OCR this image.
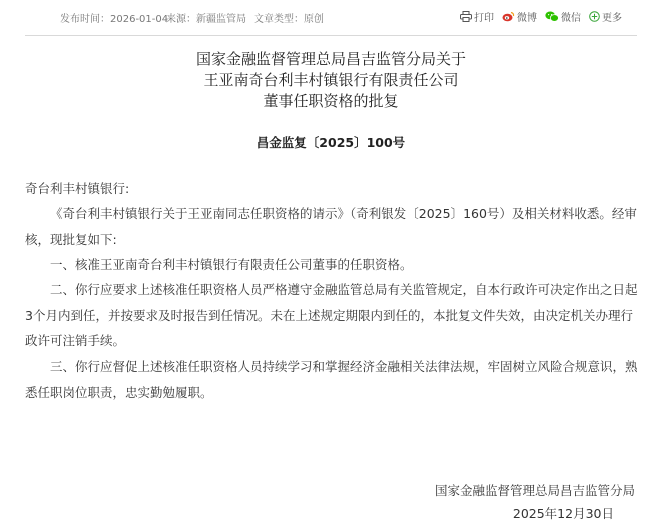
发布时间：2026-01-04
来源：新疆监管局 文章类型：原创	打印 微博 微信 更多
国家金融监督管理总局昌吉监管分局关于
王亚南奇台利丰村镇银行有限责任公司
董事任职资格的批复
昌金监复〔2025〕100号
奇台利丰村镇银行:
《奇台利丰村镇银行关于王亚南同志任职资格的请示》（奇利银发〔2025〕160号）及相关材料收悉。经审核，现批复如下:
一、核准王亚南奇台利丰村镇银行有限责任公司董事的任职资格。
二、你行应要求上述核准任职资格人员严格遵守金融监管总局有关监管规定，自本行政许可决定作出之日起3个月内到任，并按要求及时报告到任情况。未在上述规定期限内到任的，本批复文件失效，由决定机关办理行政许可注销手续。
三、你行应督促上述核准任职资格人员持续学习和掌握经济金融相关法律法规，牢固树立风险合规意识，熟悉任职岗位职责，忠实勤勉履职。
国家金融监督管理总局昌吉监管分局
2025年12月30日
